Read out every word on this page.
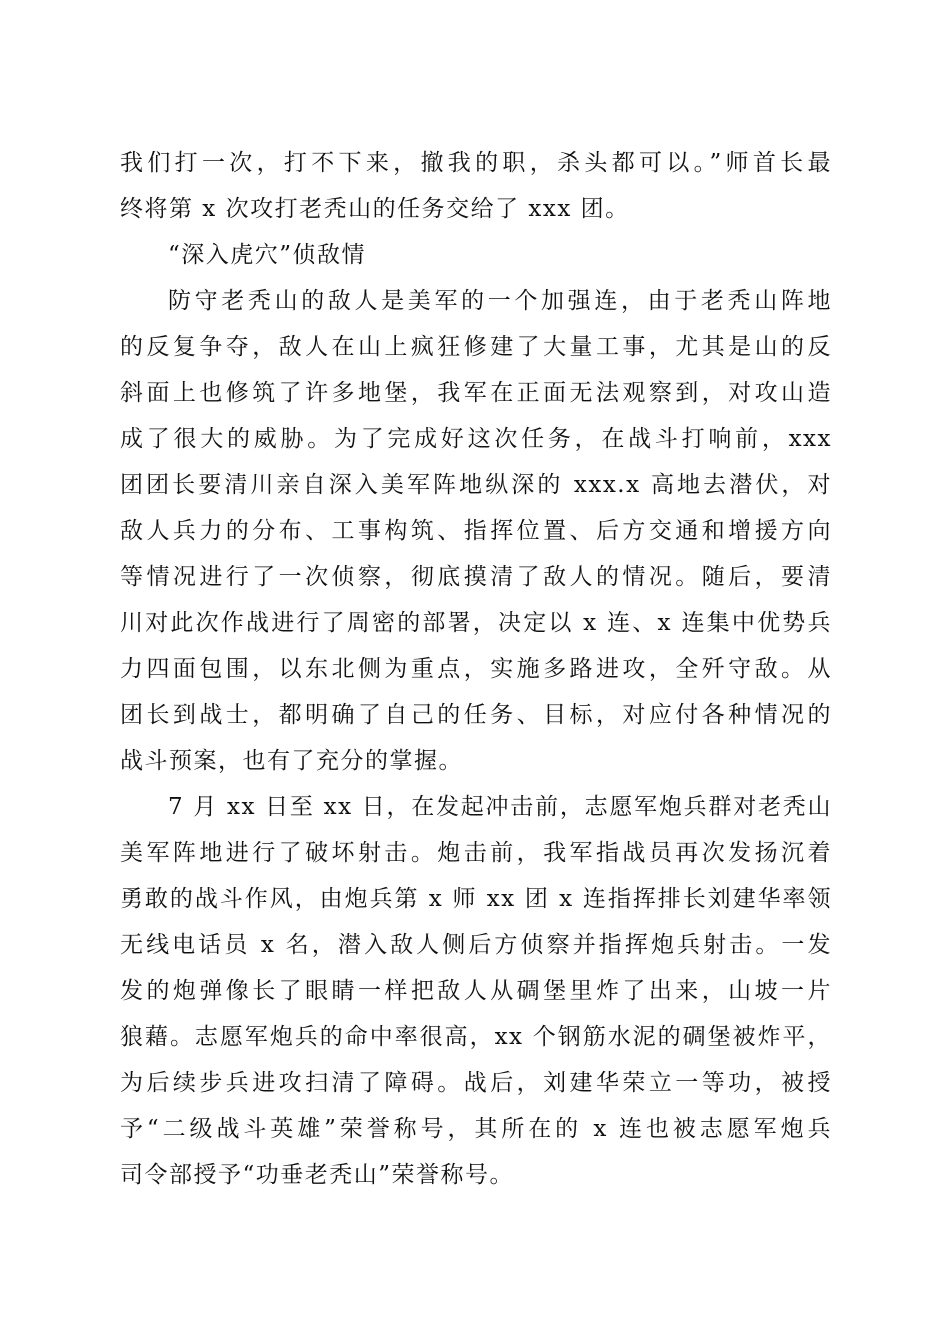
我们打一次，打不下来，撤我的职，杀头都可以。”师首长最
终将第 x 次攻打老秃山的任务交给了 xxx 团。

“深入虎穴”侦敌情

防守老秃山的敌人是美军的一个加强连，由于老秃山阵地
的反复争夺，敌人在山上疯狂修建了大量工事，尤其是山的反
斜面上也修筑了许多地堡，我军在正面无法观察到，对攻山造
成了很大的威胁。为了完成好这次任务，在战斗打响前，xxx
团团长要清川亲自深入美军阵地纵深的 xxx.x 高地去潜伏，对
敌人兵力的分布、工事构筑、指挥位置、后方交通和增援方向
等情况进行了一次侦察，彻底摸清了敌人的情况。随后，要清
川对此次作战进行了周密的部署，决定以 x 连、x 连集中优势兵
力四面包围，以东北侧为重点，实施多路进攻，全歼守敌。从
团长到战士，都明确了自己的任务、目标，对应付各种情况的
战斗预案，也有了充分的掌握。

7 月 xx 日至 xx 日，在发起冲击前，志愿军炮兵群对老秃山
美军阵地进行了破坏射击。炮击前，我军指战员再次发扬沉着
勇敢的战斗作风，由炮兵第 x 师 xx 团 x 连指挥排长刘建华率领
无线电话员 x 名，潜入敌人侧后方侦察并指挥炮兵射击。一发
发的炮弹像长了眼睛一样把敌人从碉堡里炸了出来，山坡一片
狼藉。志愿军炮兵的命中率很高，xx 个钢筋水泥的碉堡被炸平，
为后续步兵进攻扫清了障碍。战后，刘建华荣立一等功，被授
予“二级战斗英雄”荣誉称号，其所在的 x 连也被志愿军炮兵
司令部授予“功垂老秃山”荣誉称号。
